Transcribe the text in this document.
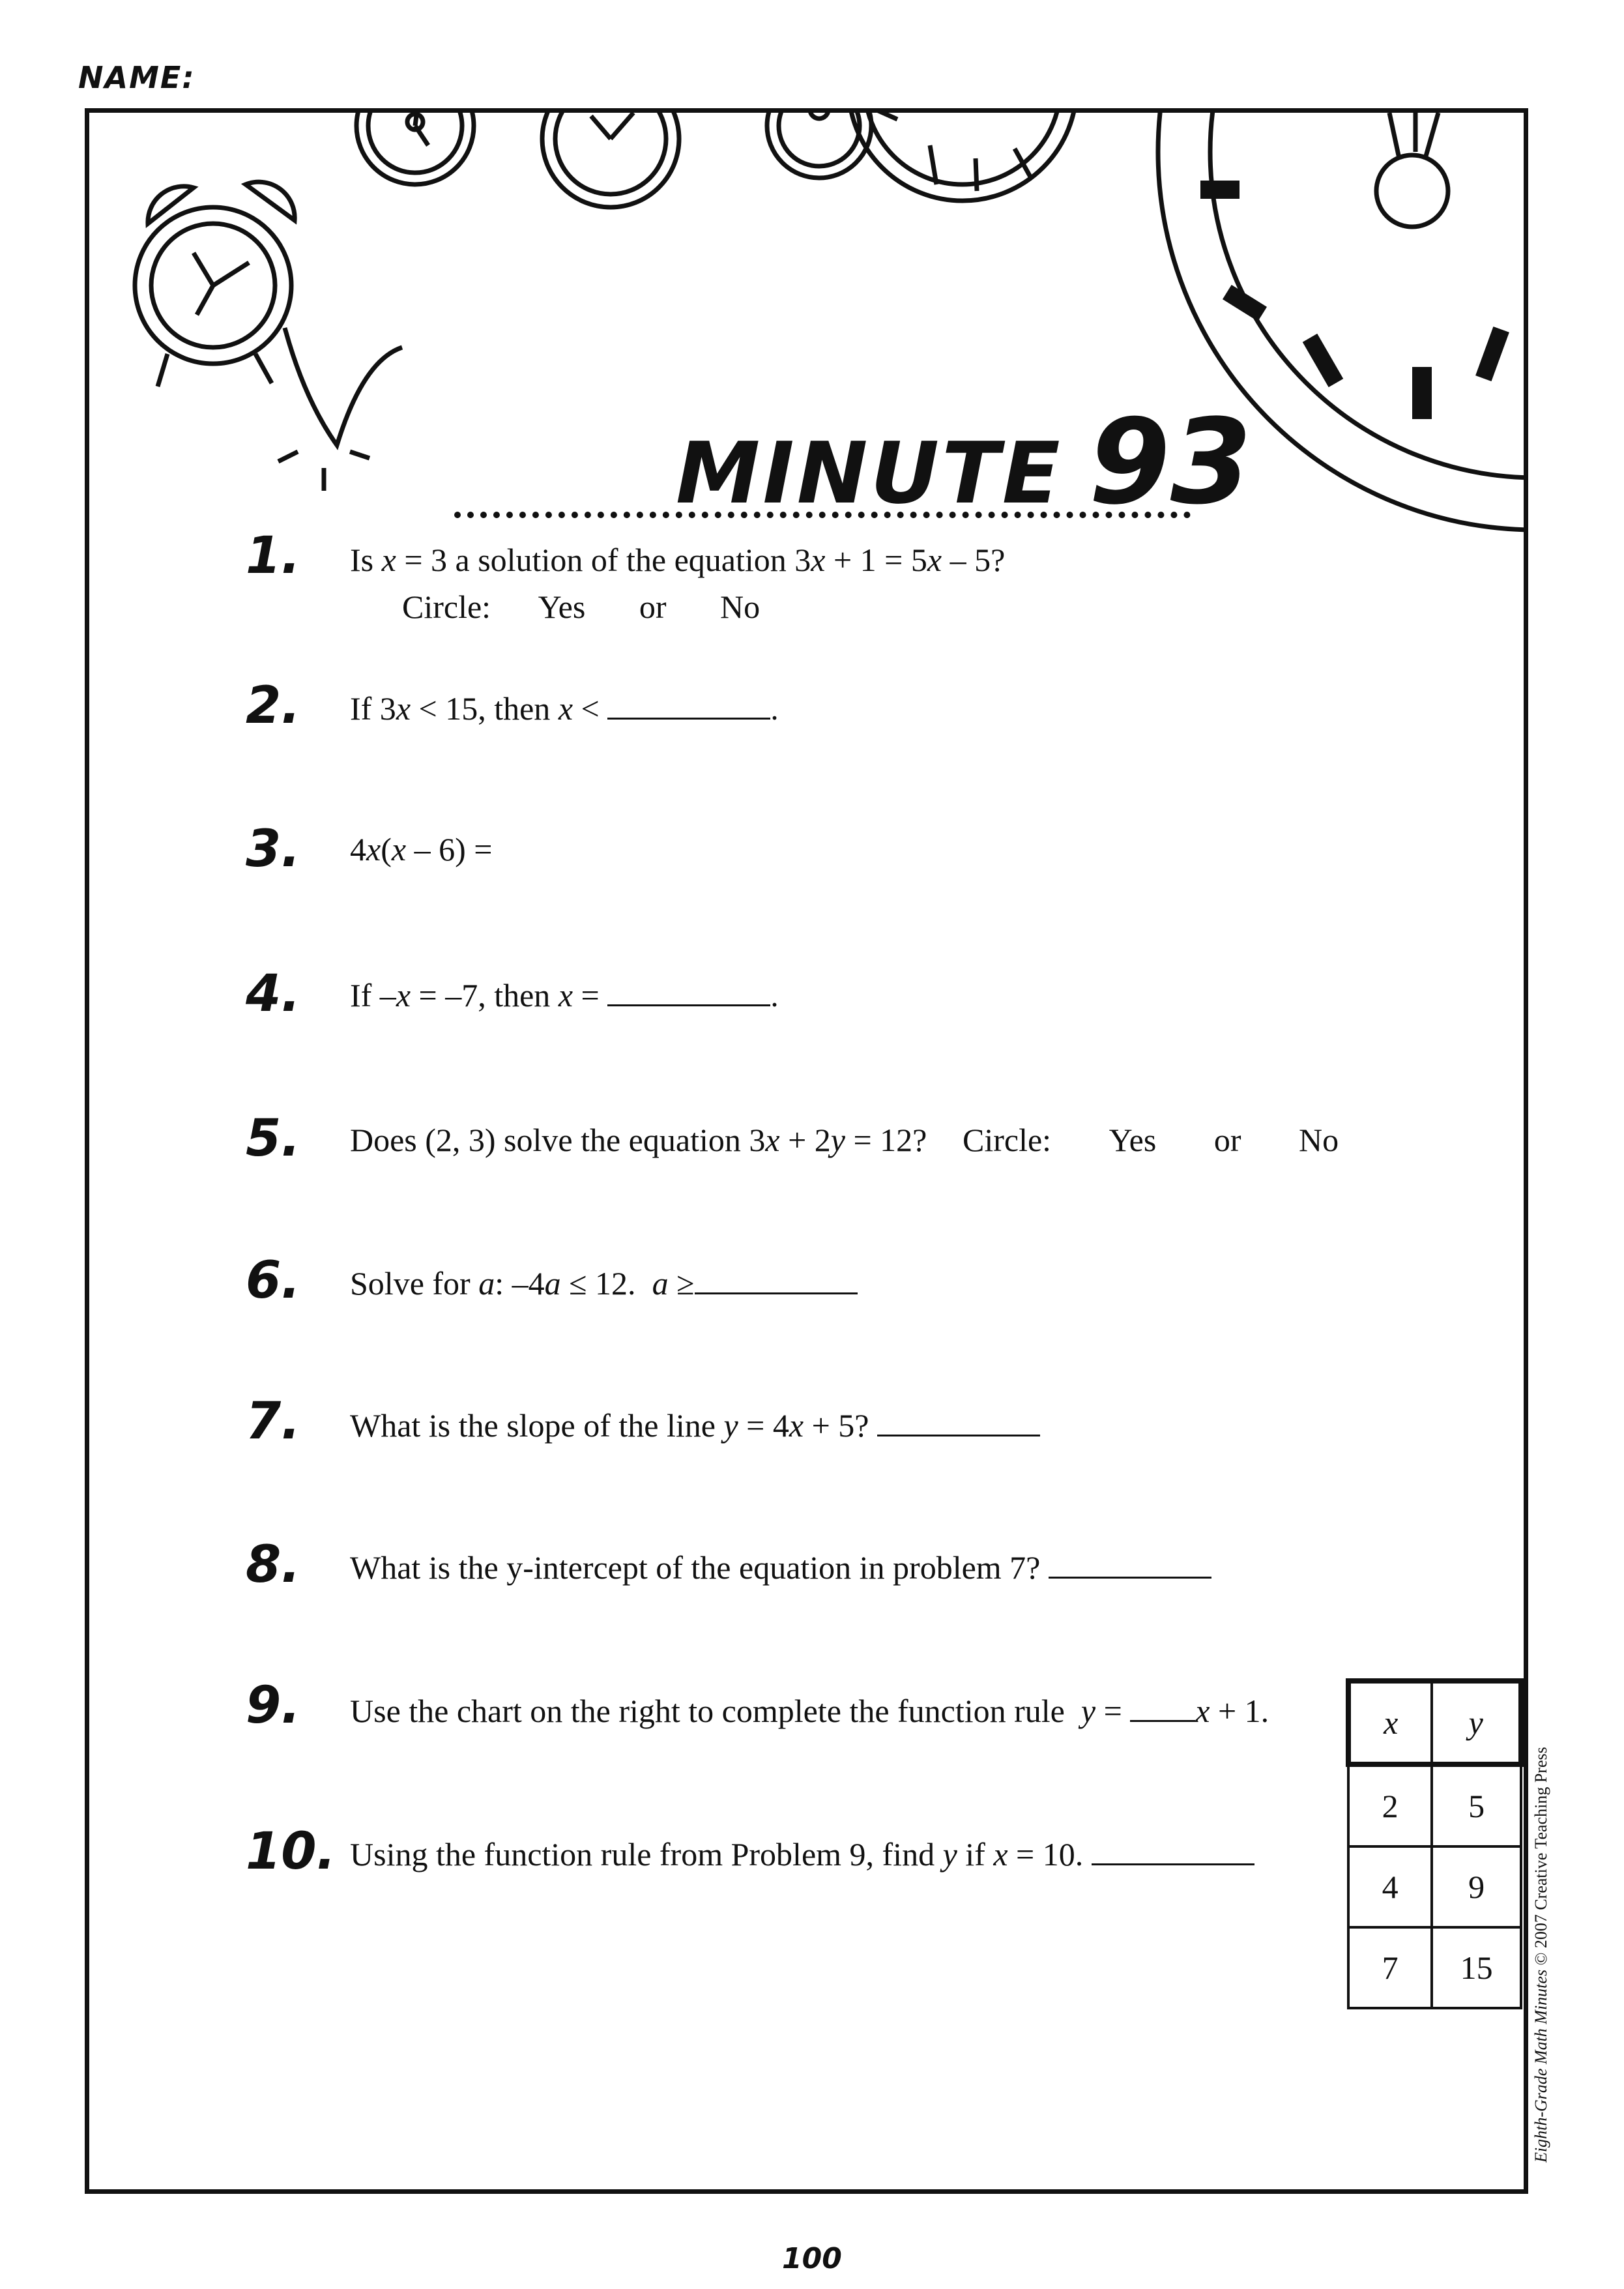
NAME:
MINUTE 93
1.	Is x = 3 a solution of the equation 3x + 1 = 5x – 5?
Circle: Yes or No
2.	If 3x < 15, then x <	.
3.	4x(x – 6) =
4.	If –x = –7, then x =	.
5.	Does (2, 3) solve the equation 3x + 2y = 12? Circle: Yes or No
6.	Solve for a: –4a ≤ 12.  a ≥
7.	What is the slope of the line y = 4x + 5?
8.	What is the y-intercept of the equation in problem 7?
9.	Use the chart on the right to complete the function rule  y = x + 1.
10. Using the function rule from Problem 9, find y if x = 10.
x	y
2	5
4	9
7	15
100
Eighth-Grade Math Minutes © 2007 Creative Teaching Press
